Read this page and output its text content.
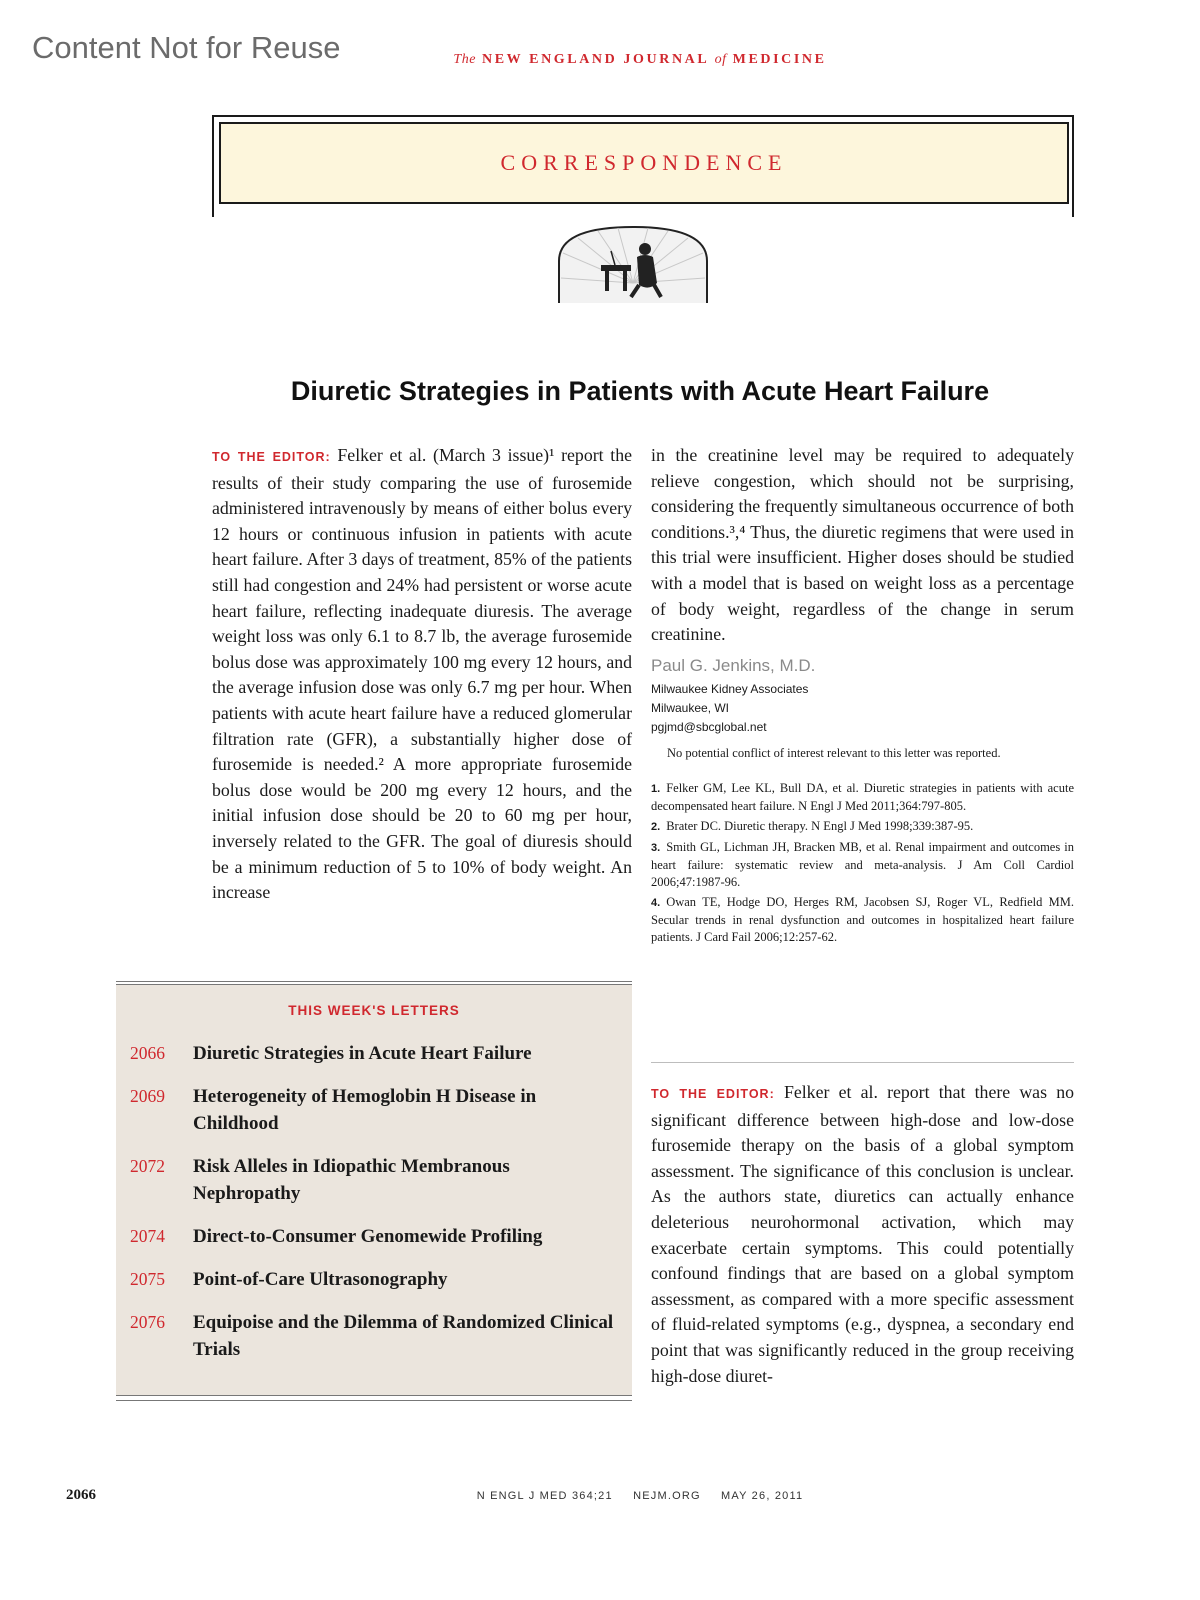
Content Not for Reuse	The NEW ENGLAND JOURNAL of MEDICINE
CORRESPONDENCE
Diuretic Strategies in Patients with Acute Heart Failure

TO THE EDITOR: Felker et al. (March 3 issue)¹ report the results of their study comparing the use of furosemide administered intravenously by means of either bolus every 12 hours or continuous infusion in patients with acute heart failure. After 3 days of treatment, 85% of the patients still had congestion and 24% had persistent or worse acute heart failure, reflecting inadequate diuresis. The average weight loss was only 6.1 to 8.7 lb, the average furosemide bolus dose was approximately 100 mg every 12 hours, and the average infusion dose was only 6.7 mg per hour. When patients with acute heart failure have a reduced glomerular filtration rate (GFR), a substantially higher dose of furosemide is needed.² A more appropriate furosemide bolus dose would be 200 mg every 12 hours, and the initial infusion dose should be 20 to 60 mg per hour, inversely related to the GFR. The goal of diuresis should be a minimum reduction of 5 to 10% of body weight. An increase

in the creatinine level may be required to adequately relieve congestion, which should not be surprising, considering the frequently simultaneous occurrence of both conditions.³,⁴ Thus, the diuretic regimens that were used in this trial were insufficient. Higher doses should be studied with a model that is based on weight loss as a percentage of body weight, regardless of the change in serum creatinine.

Paul G. Jenkins, M.D.
Milwaukee Kidney Associates
Milwaukee, WI
pgjmd@sbcglobal.net
No potential conflict of interest relevant to this letter was reported.
1. Felker GM, Lee KL, Bull DA, et al. Diuretic strategies in patients with acute decompensated heart failure. N Engl J Med 2011;364:797-805.
2. Brater DC. Diuretic therapy. N Engl J Med 1998;339:387-95.
3. Smith GL, Lichman JH, Bracken MB, et al. Renal impairment and outcomes in heart failure: systematic review and meta-analysis. J Am Coll Cardiol 2006;47:1987-96.
4. Owan TE, Hodge DO, Herges RM, Jacobsen SJ, Roger VL, Redfield MM. Secular trends in renal dysfunction and outcomes in hospitalized heart failure patients. J Card Fail 2006;12:257-62.

TO THE EDITOR: Felker et al. report that there was no significant difference between high-dose and low-dose furosemide therapy on the basis of a global symptom assessment. The significance of this conclusion is unclear. As the authors state, diuretics can actually enhance deleterious neurohormonal activation, which may exacerbate certain symptoms. This could potentially confound findings that are based on a global symptom assessment, as compared with a more specific assessment of fluid-related symptoms (e.g., dyspnea, a secondary end point that was significantly reduced in the group receiving high-dose diuret-

THIS WEEK'S LETTERS
2066	Diuretic Strategies in Acute Heart Failure
2069	Heterogeneity of Hemoglobin H Disease in Childhood
2072	Risk Alleles in Idiopathic Membranous Nephropathy
2074	Direct-to-Consumer Genomewide Profiling
2075	Point-of-Care Ultrasonography
2076	Equipoise and the Dilemma of Randomized Clinical Trials
2066	N ENGL J MED 364;21 NEJM.ORG MAY 26, 2011
